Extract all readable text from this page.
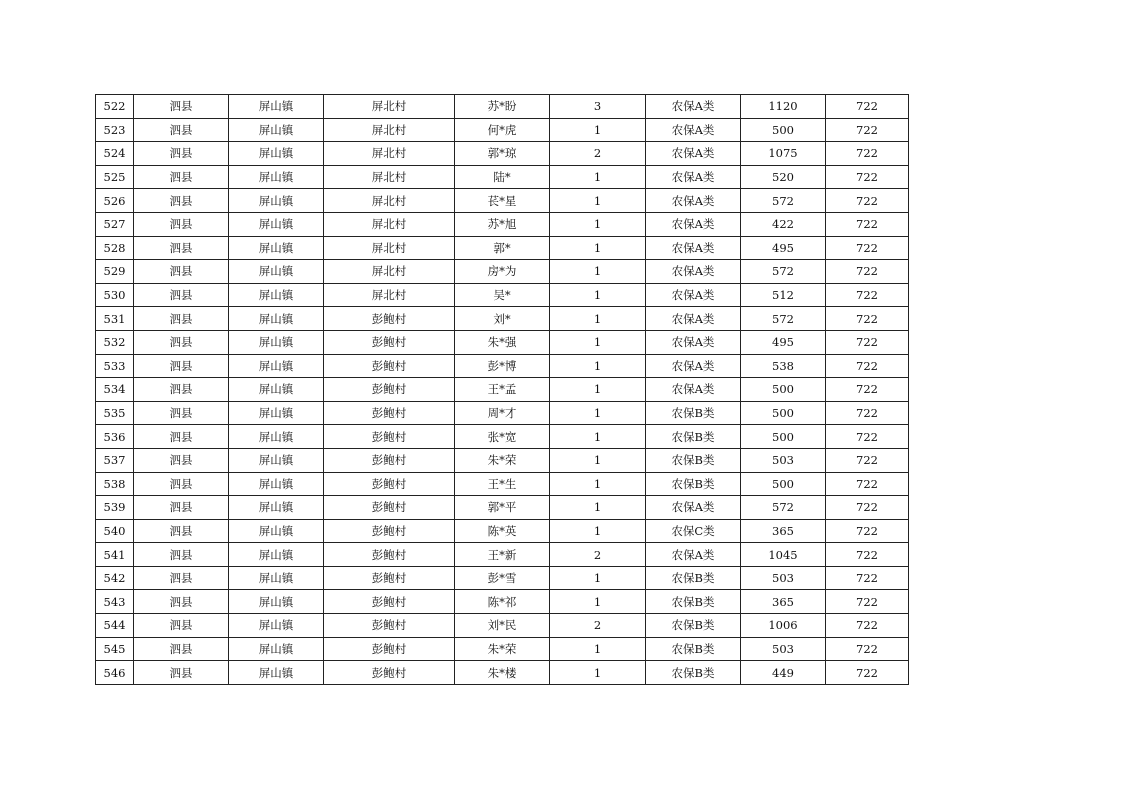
522	泗县	屏山镇	屏北村	苏*盼	3	农保A类	1120	722
523	泗县	屏山镇	屏北村	何*虎	1	农保A类	500	722
524	泗县	屏山镇	屏北村	郭*琼	2	农保A类	1075	722
525	泗县	屏山镇	屏北村	陆*	1	农保A类	520	722
526	泗县	屏山镇	屏北村	苌*星	1	农保A类	572	722
527	泗县	屏山镇	屏北村	苏*旭	1	农保A类	422	722
528	泗县	屏山镇	屏北村	郭*	1	农保A类	495	722
529	泗县	屏山镇	屏北村	房*为	1	农保A类	572	722
530	泗县	屏山镇	屏北村	吴*	1	农保A类	512	722
531	泗县	屏山镇	彭鲍村	刘*	1	农保A类	572	722
532	泗县	屏山镇	彭鲍村	朱*强	1	农保A类	495	722
533	泗县	屏山镇	彭鲍村	彭*博	1	农保A类	538	722
534	泗县	屏山镇	彭鲍村	王*孟	1	农保A类	500	722
535	泗县	屏山镇	彭鲍村	周*才	1	农保B类	500	722
536	泗县	屏山镇	彭鲍村	张*宽	1	农保B类	500	722
537	泗县	屏山镇	彭鲍村	朱*荣	1	农保B类	503	722
538	泗县	屏山镇	彭鲍村	王*生	1	农保B类	500	722
539	泗县	屏山镇	彭鲍村	郭*平	1	农保A类	572	722
540	泗县	屏山镇	彭鲍村	陈*英	1	农保C类	365	722
541	泗县	屏山镇	彭鲍村	王*新	2	农保A类	1045	722
542	泗县	屏山镇	彭鲍村	彭*雪	1	农保B类	503	722
543	泗县	屏山镇	彭鲍村	陈*祁	1	农保B类	365	722
544	泗县	屏山镇	彭鲍村	刘*民	2	农保B类	1006	722
545	泗县	屏山镇	彭鲍村	朱*荣	1	农保B类	503	722
546	泗县	屏山镇	彭鲍村	朱*楼	1	农保B类	449	722
